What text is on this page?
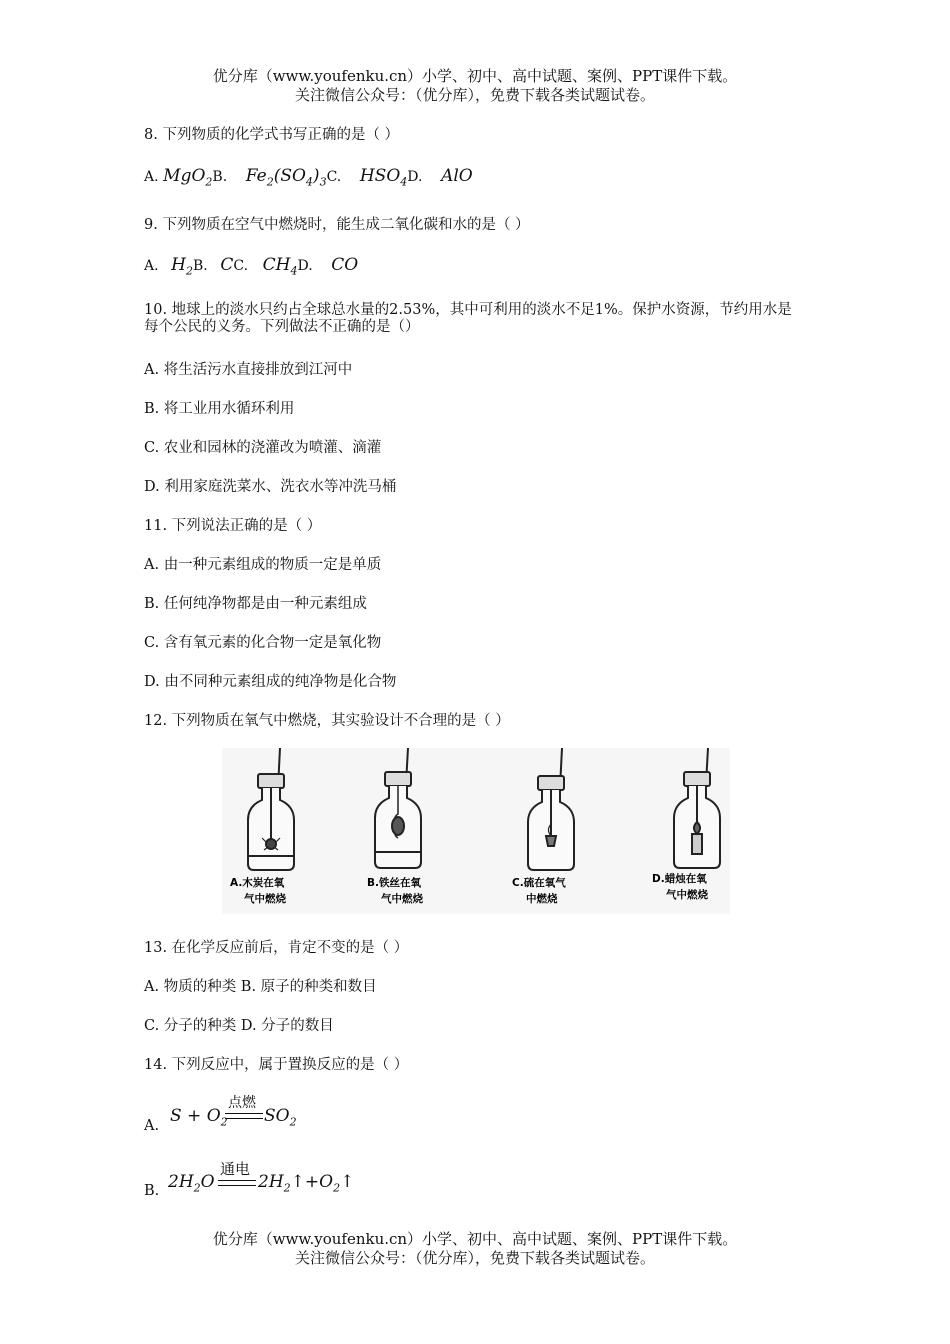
优分库（www.youfenku.cn）小学、初中、高中试题、案例、PPT课件下载。
关注微信公众号：（优分库），免费下载各类试题试卷。
8. 下列物质的化学式书写正确的是（ ）
A. MgO$_2$B. $Fe_2(SO_4)_3C$. $HSO_4D$. AlO
9. 下列物质在空气中燃烧时，能生成二氧化碳和水的是（ ）
A. $H_2B$. CC. $CH_4D$. CO
10. 地球上的淡水只约占全球总水量的2.53%，其中可利用的淡水不足1%。保护水资源，节约用水是每个公民的义务。下列做法不正确的是（）
A. 将生活污水直接排放到江河中
B. 将工业用水循环利用
C. 农业和园林的浇灌改为喷灌、滴灌
D. 利用家庭洗菜水、洗衣水等冲洗马桶
11. 下列说法正确的是（ ）
A. 由一种元素组成的物质一定是单质
B. 任何纯净物都是由一种元素组成
C. 含有氧元素的化合物一定是氧化物
D. 由不同种元素组成的纯净物是化合物
12. 下列物质在氧气中燃烧，其实验设计不合理的是（ ）
A.木炭在氧
气中燃烧
B.铁丝在氧
气中燃烧
C.硫在氧气
中燃烧
D.蜡烛在氧
气中燃烧
13. 在化学反应前后，肯定不变的是（ ）
A. 物质的种类 B. 原子的种类和数目
C. 分子的种类 D. 分子的数目
14. 下列反应中，属于置换反应的是（ ）
A. $S + O_2$
点燃
$SO_2$
B. $2H_2O$
通电
$2H_2↑+O_2↑$
优分库（www.youfenku.cn）小学、初中、高中试题、案例、PPT课件下载。
关注微信公众号：（优分库），免费下载各类试题试卷。
